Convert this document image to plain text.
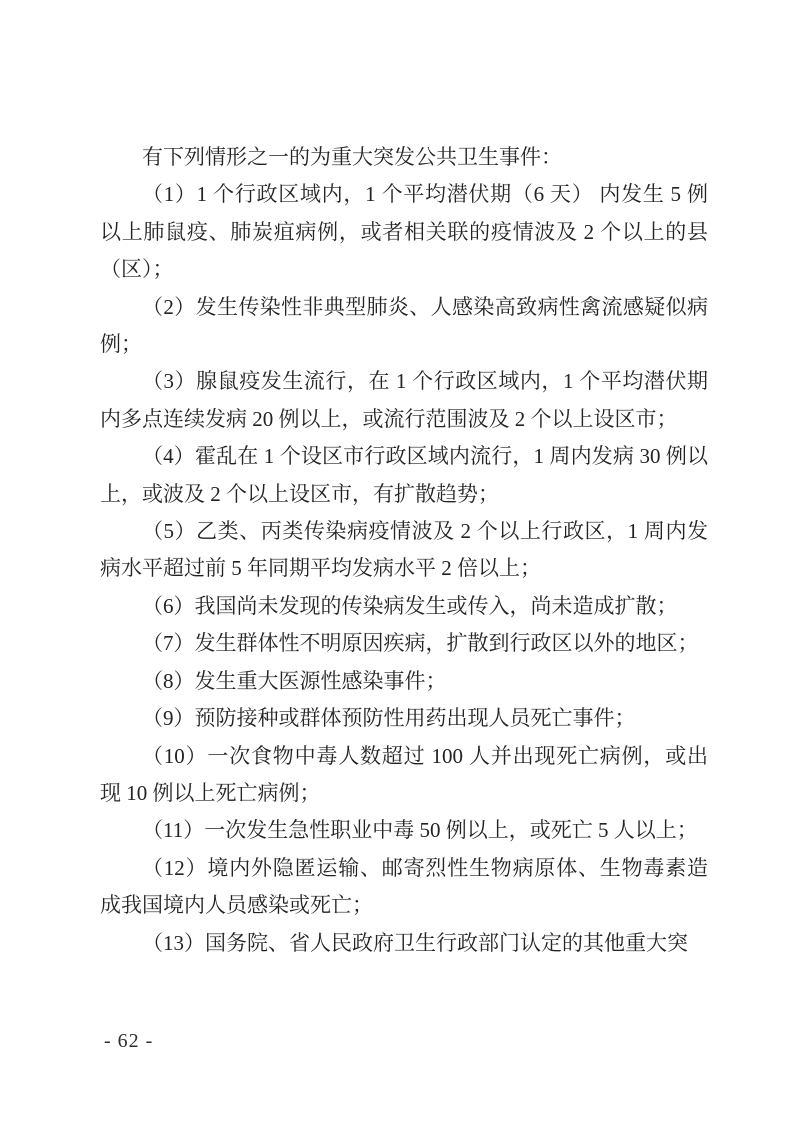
有下列情形之一的为重大突发公共卫生事件：

（1）1 个行政区域内，1 个平均潜伏期（6 天） 内发生 5 例以上肺鼠疫、肺炭疽病例，或者相关联的疫情波及 2 个以上的县（区）；

（2）发生传染性非典型肺炎、人感染高致病性禽流感疑似病例；

（3）腺鼠疫发生流行，在 1 个行政区域内，1 个平均潜伏期内多点连续发病 20 例以上，或流行范围波及 2 个以上设区市；

（4）霍乱在 1 个设区市行政区域内流行，1 周内发病 30 例以上，或波及 2 个以上设区市，有扩散趋势；

（5）乙类、丙类传染病疫情波及 2 个以上行政区，1 周内发病水平超过前 5 年同期平均发病水平 2 倍以上；

（6）我国尚未发现的传染病发生或传入，尚未造成扩散；

（7）发生群体性不明原因疾病，扩散到行政区以外的地区；

（8）发生重大医源性感染事件；

（9）预防接种或群体预防性用药出现人员死亡事件；

（10）一次食物中毒人数超过 100 人并出现死亡病例，或出现 10 例以上死亡病例；

（11）一次发生急性职业中毒 50 例以上，或死亡 5 人以上；

（12）境内外隐匿运输、邮寄烈性生物病原体、生物毒素造成我国境内人员感染或死亡；

（13）国务院、省人民政府卫生行政部门认定的其他重大突

- 62 -
